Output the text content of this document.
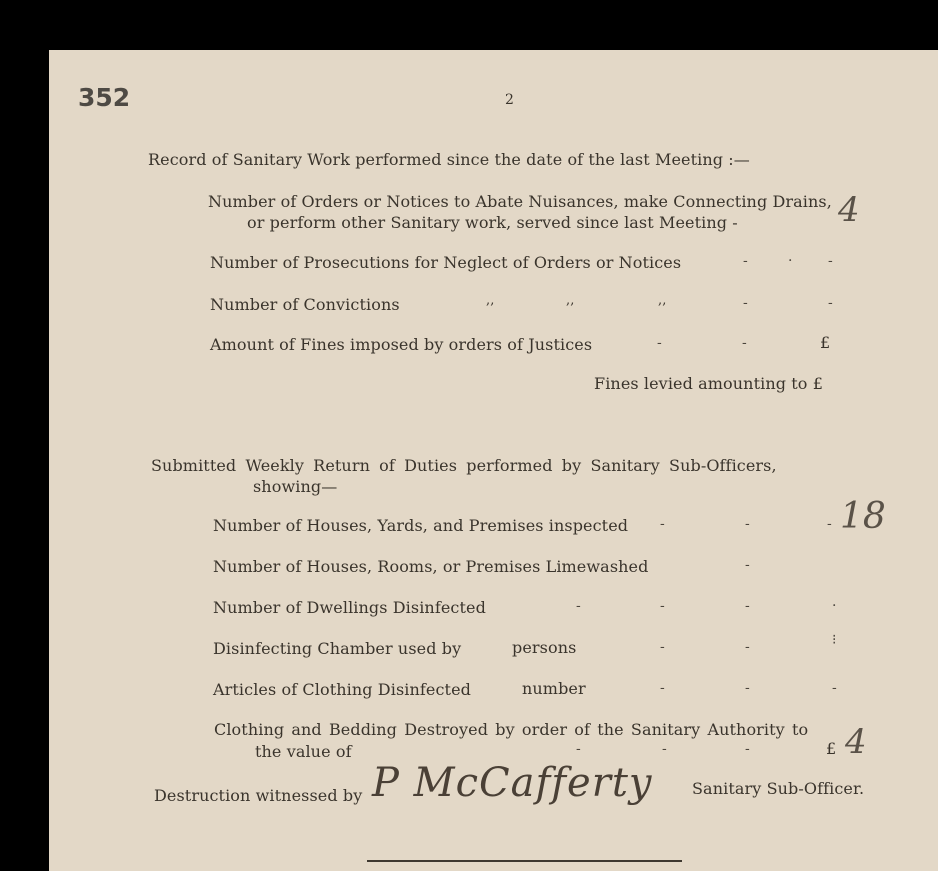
352	2
Record of Sanitary Work performed since the date of the last Meeting :—
Number of Orders or Notices to Abate Nuisances, make Connecting Drains,
or perform other Sanitary work, served since last Meeting -	4
Number of Prosecutions for Neglect of Orders or Notices	-	·	-
Number of Convictions	,,	,,	,,	-	-
Amount of Fines imposed by orders of Justices	-	-	£
Fines levied amounting to £
Submitted Weekly Return of Duties performed by Sanitary Sub-Officers,
showing—
Number of Houses, Yards, and Premises inspected -	-	- 18
Number of Houses, Rooms, or Premises Limewashed	-
Number of Dwellings Disinfected	-	-	-	·
Disinfecting Chamber used by	persons	-	-	⁝
Articles of Clothing Disinfected	number	-	-	-
Clothing and Bedding Destroyed by order of the Sanitary Authority to
the value of	-	-	-	£ 4
Destruction witnessed by P McCafferty Sanitary Sub-Officer.
